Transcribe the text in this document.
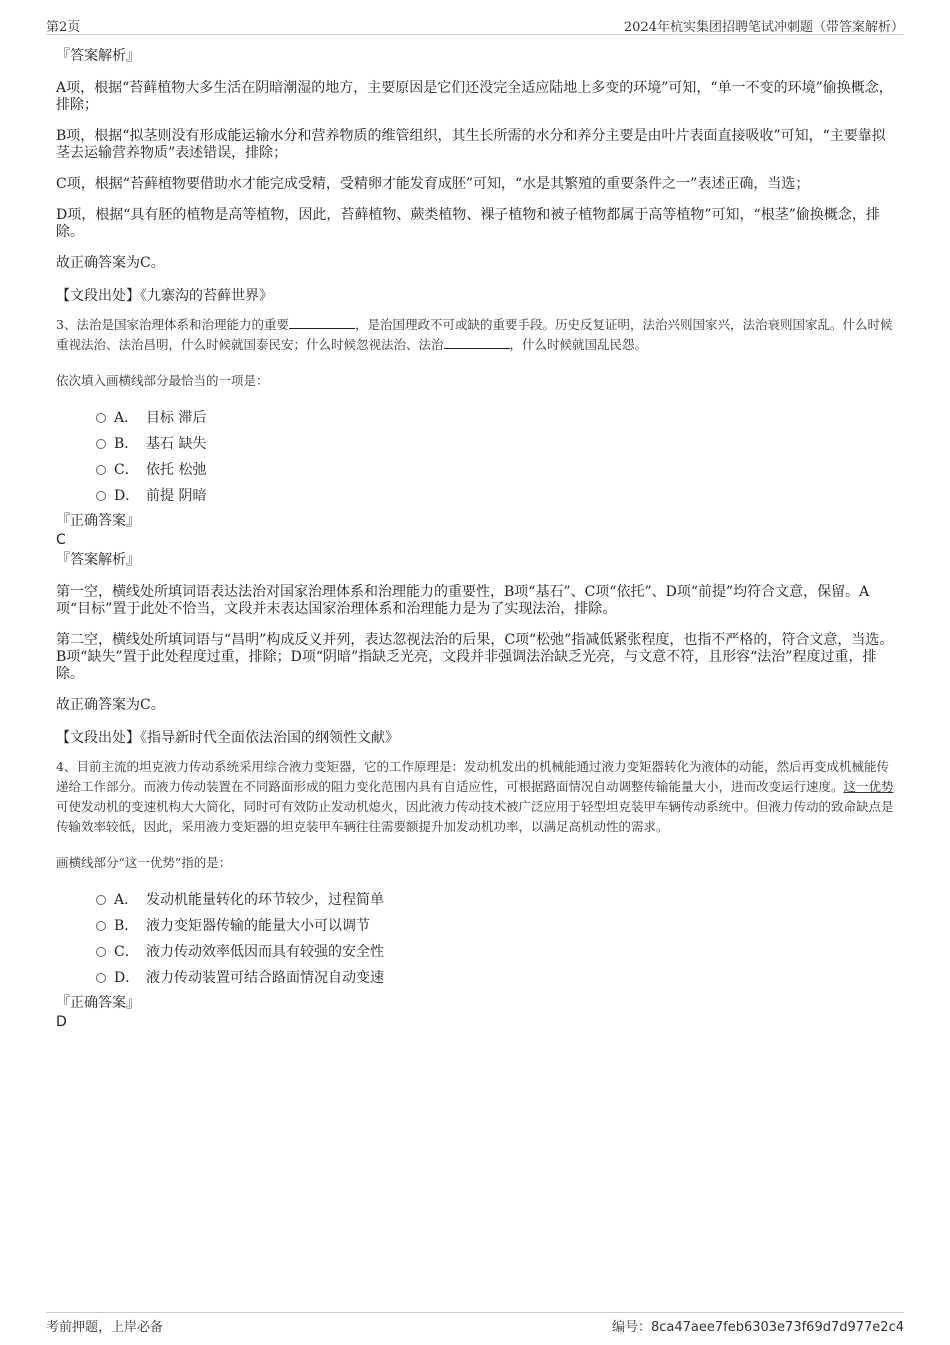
第2页	2024年杭实集团招聘笔试冲刺题（带答案解析）

『答案解析』

A项，根据“苔藓植物大多生活在阴暗潮湿的地方，主要原因是它们还没完全适应陆地上多变的环境”可知，“单一不变的环境”偷换概念，排除；

B项，根据“拟茎则没有形成能运输水分和营养物质的维管组织，其生长所需的水分和养分主要是由叶片表面直接吸收”可知，“主要靠拟茎去运输营养物质”表述错误，排除；

C项，根据“苔藓植物要借助水才能完成受精，受精卵才能发育成胚”可知，“水是其繁殖的重要条件之一”表述正确，当选；

D项，根据“具有胚的植物是高等植物，因此，苔藓植物、蕨类植物、裸子植物和被子植物都属于高等植物”可知，“根茎”偷换概念，排除。

故正确答案为C。

【文段出处】《九寨沟的苔藓世界》

3、法治是国家治理体系和治理能力的重要	，是治国理政不可或缺的重要手段。历史反复证明，法治兴则国家兴，法治衰则国家乱。什么时候重视法治、法治昌明，什么时候就国泰民安；什么时候忽视法治、法治	，什么时候就国乱民怨。

依次填入画横线部分最恰当的一项是：

A． 目标 滞后
B． 基石 缺失
C． 依托 松弛
D． 前提 阴暗

『正确答案』

C

『答案解析』

第一空，横线处所填词语表达法治对国家治理体系和治理能力的重要性，B项“基石”、C项“依托”、D项“前提”均符合文意，保留。A项“目标”置于此处不恰当，文段并未表达国家治理体系和治理能力是为了实现法治，排除。

第二空，横线处所填词语与“昌明”构成反义并列，表达忽视法治的后果，C项“松弛”指减低紧张程度，也指不严格的，符合文意，当选。B项“缺失”置于此处程度过重，排除；D项“阴暗”指缺乏光亮，文段并非强调法治缺乏光亮，与文意不符，且形容“法治”程度过重，排除。

故正确答案为C。

【文段出处】《指导新时代全面依法治国的纲领性文献》

4、目前主流的坦克液力传动系统采用综合液力变矩器，它的工作原理是：发动机发出的机械能通过液力变矩器转化为液体的动能，然后再变成机械能传递给工作部分。而液力传动装置在不同路面形成的阻力变化范围内具有自适应性，可根据路面情况自动调整传输能量大小，进而改变运行速度。这一优势可使发动机的变速机构大大简化，同时可有效防止发动机熄火，因此液力传动技术被广泛应用于轻型坦克装甲车辆传动系统中。但液力传动的致命缺点是传输效率较低，因此，采用液力变矩器的坦克装甲车辆往往需要额提升加发动机功率，以满足高机动性的需求。

画横线部分“这一优势”指的是：

A． 发动机能量转化的环节较少，过程简单
B． 液力变矩器传输的能量大小可以调节
C． 液力传动效率低因而具有较强的安全性
D． 液力传动装置可结合路面情况自动变速

『正确答案』

D

考前押题，上岸必备	编号：8ca47aee7feb6303e73f69d7d977e2c4
